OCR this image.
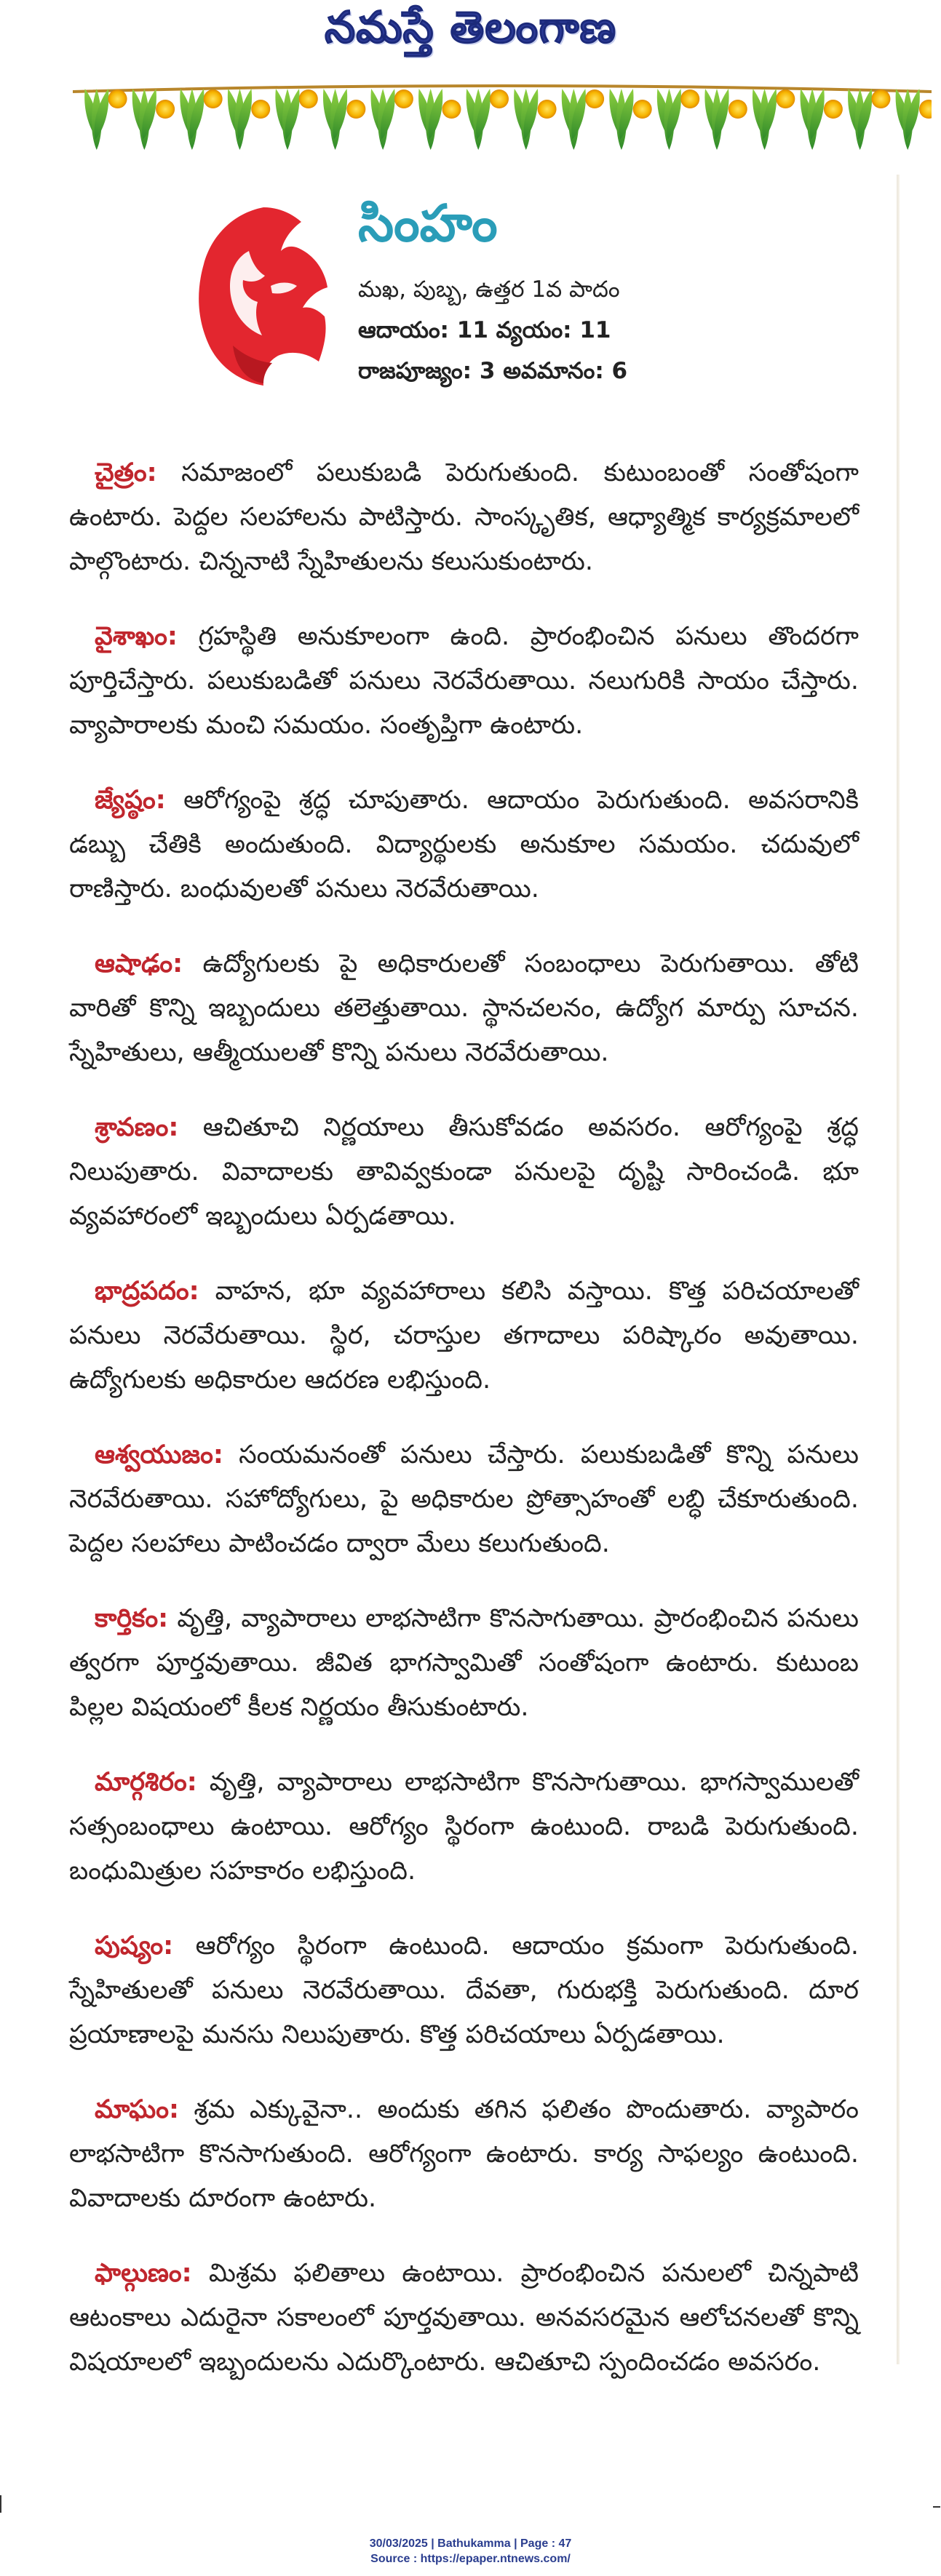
నమస్తే తెలంగాణ
సింహం
మఖ, పుబ్బ, ఉత్తర 1వ పాదం
ఆదాయం: 11 వ్యయం: 11
రాజపూజ్యం: 3 అవమానం: 6

చైత్రం: సమాజంలో పలుకుబడి పెరుగుతుంది. కుటుంబంతో సంతోషంగా ఉంటారు. పెద్దల సలహాలను పాటిస్తారు. సాంస్కృతిక, ఆధ్యాత్మిక కార్యక్రమాలలో పాల్గొంటారు. చిన్ననాటి స్నేహితులను కలుసుకుంటారు.

వైశాఖం: గ్రహస్థితి అనుకూలంగా ఉంది. ప్రారంభించిన పనులు తొందరగా పూర్తిచేస్తారు. పలుకుబడితో పనులు నెరవేరుతాయి. నలుగురికి సాయం చేస్తారు. వ్యాపారాలకు మంచి సమయం. సంతృప్తిగా ఉంటారు.

జ్యేష్ఠం: ఆరోగ్యంపై శ్రద్ధ చూపుతారు. ఆదాయం పెరుగుతుంది. అవసరానికి డబ్బు చేతికి అందుతుంది. విద్యార్థులకు అనుకూల సమయం. చదువులో రాణిస్తారు. బంధువులతో పనులు నెరవేరుతాయి.

ఆషాఢం: ఉద్యోగులకు పై అధికారులతో సంబంధాలు పెరుగుతాయి. తోటి వారితో కొన్ని ఇబ్బందులు తలెత్తుతాయి. స్థానచలనం, ఉద్యోగ మార్పు సూచన. స్నేహితులు, ఆత్మీయులతో కొన్ని పనులు నెరవేరుతాయి.

శ్రావణం: ఆచితూచి నిర్ణయాలు తీసుకోవడం అవసరం. ఆరోగ్యంపై శ్రద్ధ నిలుపుతారు. వివాదాలకు తావివ్వకుండా పనులపై దృష్టి సారించండి. భూ వ్యవహారంలో ఇబ్బందులు ఏర్పడతాయి.

భాద్రపదం: వాహన, భూ వ్యవహారాలు కలిసి వస్తాయి. కొత్త పరిచయాలతో పనులు నెరవేరుతాయి. స్థిర, చరాస్తుల తగాదాలు పరిష్కారం అవుతాయి. ఉద్యోగులకు అధికారుల ఆదరణ లభిస్తుంది.

ఆశ్వయుజం: సంయమనంతో పనులు చేస్తారు. పలుకుబడితో కొన్ని పనులు నెరవేరుతాయి. సహోద్యోగులు, పై అధికారుల ప్రోత్సాహంతో లబ్ధి చేకూరుతుంది. పెద్దల సలహాలు పాటించడం ద్వారా మేలు కలుగుతుంది.

కార్తికం: వృత్తి, వ్యాపారాలు లాభసాటిగా కొనసాగుతాయి. ప్రారంభించిన పనులు త్వరగా పూర్తవుతాయి. జీవిత భాగస్వామితో సంతోషంగా ఉంటారు. కుటుంబ పిల్లల విషయంలో కీలక నిర్ణయం తీసుకుంటారు.

మార్గశిరం: వృత్తి, వ్యాపారాలు లాభసాటిగా కొనసాగుతాయి. భాగస్వాములతో సత్సంబంధాలు ఉంటాయి. ఆరోగ్యం స్థిరంగా ఉంటుంది. రాబడి పెరుగుతుంది. బంధుమిత్రుల సహకారం లభిస్తుంది.

పుష్యం: ఆరోగ్యం స్థిరంగా ఉంటుంది. ఆదాయం క్రమంగా పెరుగుతుంది. స్నేహితులతో పనులు నెరవేరుతాయి. దేవతా, గురుభక్తి పెరుగుతుంది. దూర ప్రయాణాలపై మనసు నిలుపుతారు. కొత్త పరిచయాలు ఏర్పడతాయి.

మాఘం: శ్రమ ఎక్కువైనా.. అందుకు తగిన ఫలితం పొందుతారు. వ్యాపారం లాభసాటిగా కొనసాగుతుంది. ఆరోగ్యంగా ఉంటారు. కార్య సాఫల్యం ఉంటుంది. వివాదాలకు దూరంగా ఉంటారు.

ఫాల్గుణం: మిశ్రమ ఫలితాలు ఉంటాయి. ప్రారంభించిన పనులలో చిన్నపాటి ఆటంకాలు ఎదురైనా సకాలంలో పూర్తవుతాయి. అనవసరమైన ఆలోచనలతో కొన్ని విషయాలలో ఇబ్బందులను ఎదుర్కొంటారు. ఆచితూచి స్పందించడం అవసరం.

30/03/2025 | Bathukamma | Page : 47
Source : https://epaper.ntnews.com/
